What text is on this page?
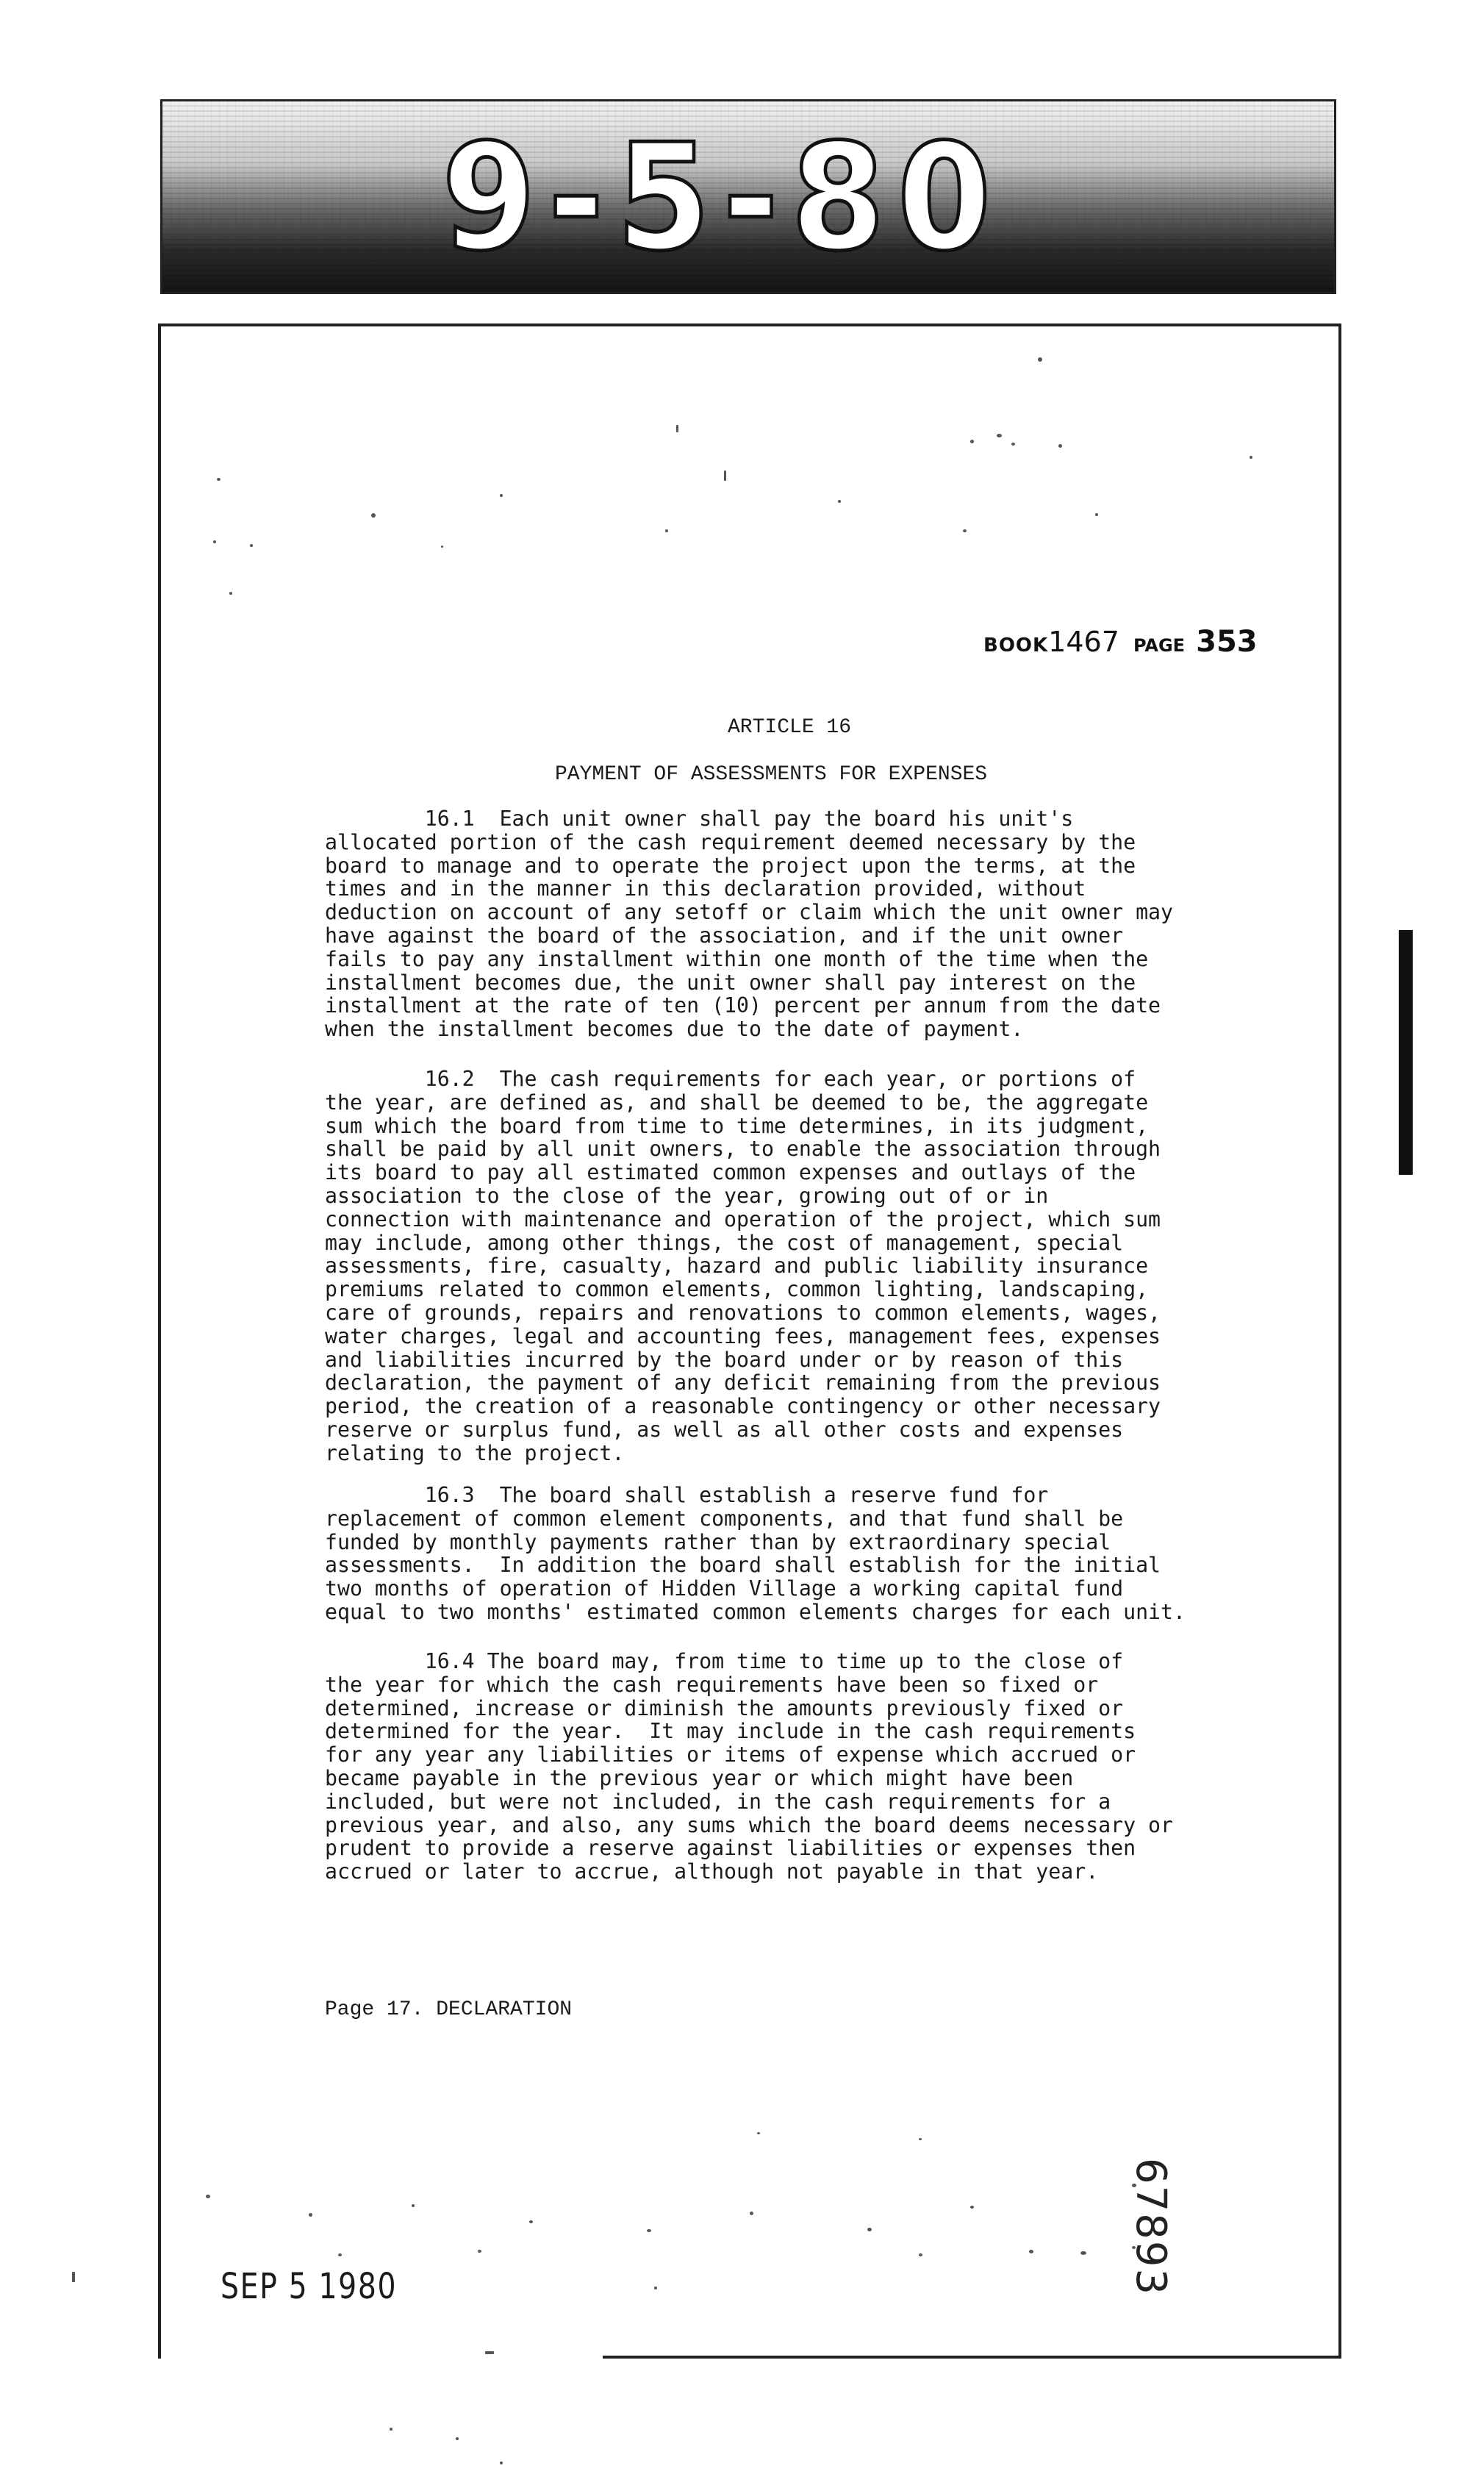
9-5-80
BOOK1467 PAGE 353
ARTICLE 16
PAYMENT OF ASSESSMENTS FOR EXPENSES
16.1  Each unit owner shall pay the board his unit's
allocated portion of the cash requirement deemed necessary by the
board to manage and to operate the project upon the terms, at the
times and in the manner in this declaration provided, without
deduction on account of any setoff or claim which the unit owner may
have against the board of the association, and if the unit owner
fails to pay any installment within one month of the time when the
installment becomes due, the unit owner shall pay interest on the
installment at the rate of ten (10) percent per annum from the date
when the installment becomes due to the date of payment.
16.2  The cash requirements for each year, or portions of
the year, are defined as, and shall be deemed to be, the aggregate
sum which the board from time to time determines, in its judgment,
shall be paid by all unit owners, to enable the association through
its board to pay all estimated common expenses and outlays of the
association to the close of the year, growing out of or in
connection with maintenance and operation of the project, which sum
may include, among other things, the cost of management, special
assessments, fire, casualty, hazard and public liability insurance
premiums related to common elements, common lighting, landscaping,
care of grounds, repairs and renovations to common elements, wages,
water charges, legal and accounting fees, management fees, expenses
and liabilities incurred by the board under or by reason of this
declaration, the payment of any deficit remaining from the previous
period, the creation of a reasonable contingency or other necessary
reserve or surplus fund, as well as all other costs and expenses
relating to the project.
16.3  The board shall establish a reserve fund for
replacement of common element components, and that fund shall be
funded by monthly payments rather than by extraordinary special
assessments.  In addition the board shall establish for the initial
two months of operation of Hidden Village a working capital fund
equal to two months' estimated common elements charges for each unit.
16.4 The board may, from time to time up to the close of
the year for which the cash requirements have been so fixed or
determined, increase or diminish the amounts previously fixed or
determined for the year.  It may include in the cash requirements
for any year any liabilities or items of expense which accrued or
became payable in the previous year or which might have been
included, but were not included, in the cash requirements for a
previous year, and also, any sums which the board deems necessary or
prudent to provide a reserve against liabilities or expenses then
accrued or later to accrue, although not payable in that year.
Page 17. DECLARATION
67893
SEP 5 1980
